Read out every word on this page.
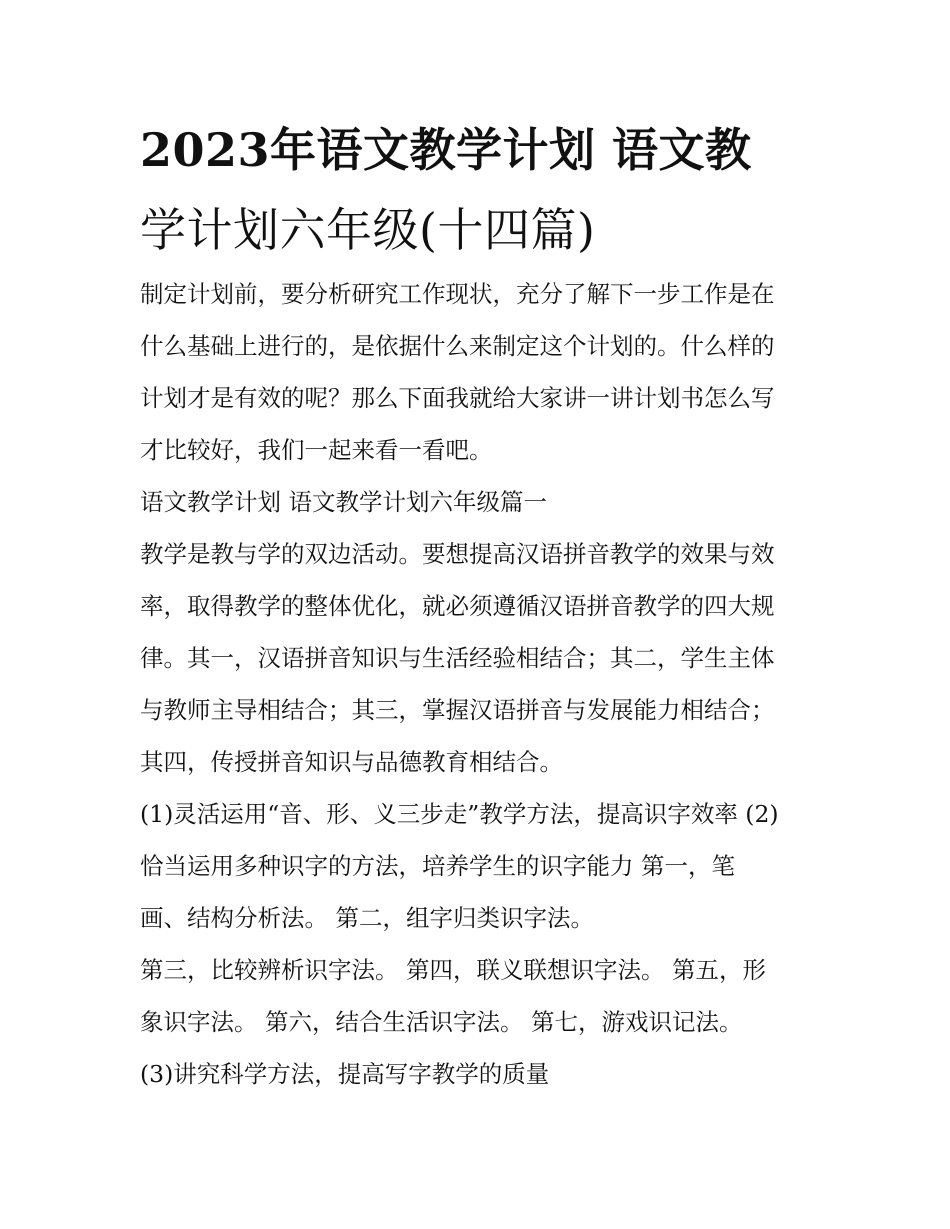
2023年语文教学计划 语文教
学计划六年级(十四篇)
制定计划前，要分析研究工作现状，充分了解下一步工作是在
什么基础上进行的，是依据什么来制定这个计划的。什么样的
计划才是有效的呢？那么下面我就给大家讲一讲计划书怎么写
才比较好，我们一起来看一看吧。
语文教学计划 语文教学计划六年级篇一
教学是教与学的双边活动。要想提高汉语拼音教学的效果与效
率，取得教学的整体优化，就必须遵循汉语拼音教学的四大规
律。其一，汉语拼音知识与生活经验相结合；其二，学生主体
与教师主导相结合；其三，掌握汉语拼音与发展能力相结合；
其四，传授拼音知识与品德教育相结合。
(1)灵活运用“音、形、义三步走”教学方法，提高识字效率 (2)
恰当运用多种识字的方法，培养学生的识字能力 第一，笔
画、结构分析法。 第二，组字归类识字法。
第三，比较辨析识字法。 第四，联义联想识字法。 第五，形
象识字法。 第六，结合生活识字法。 第七，游戏识记法。
(3)讲究科学方法，提高写字教学的质量
